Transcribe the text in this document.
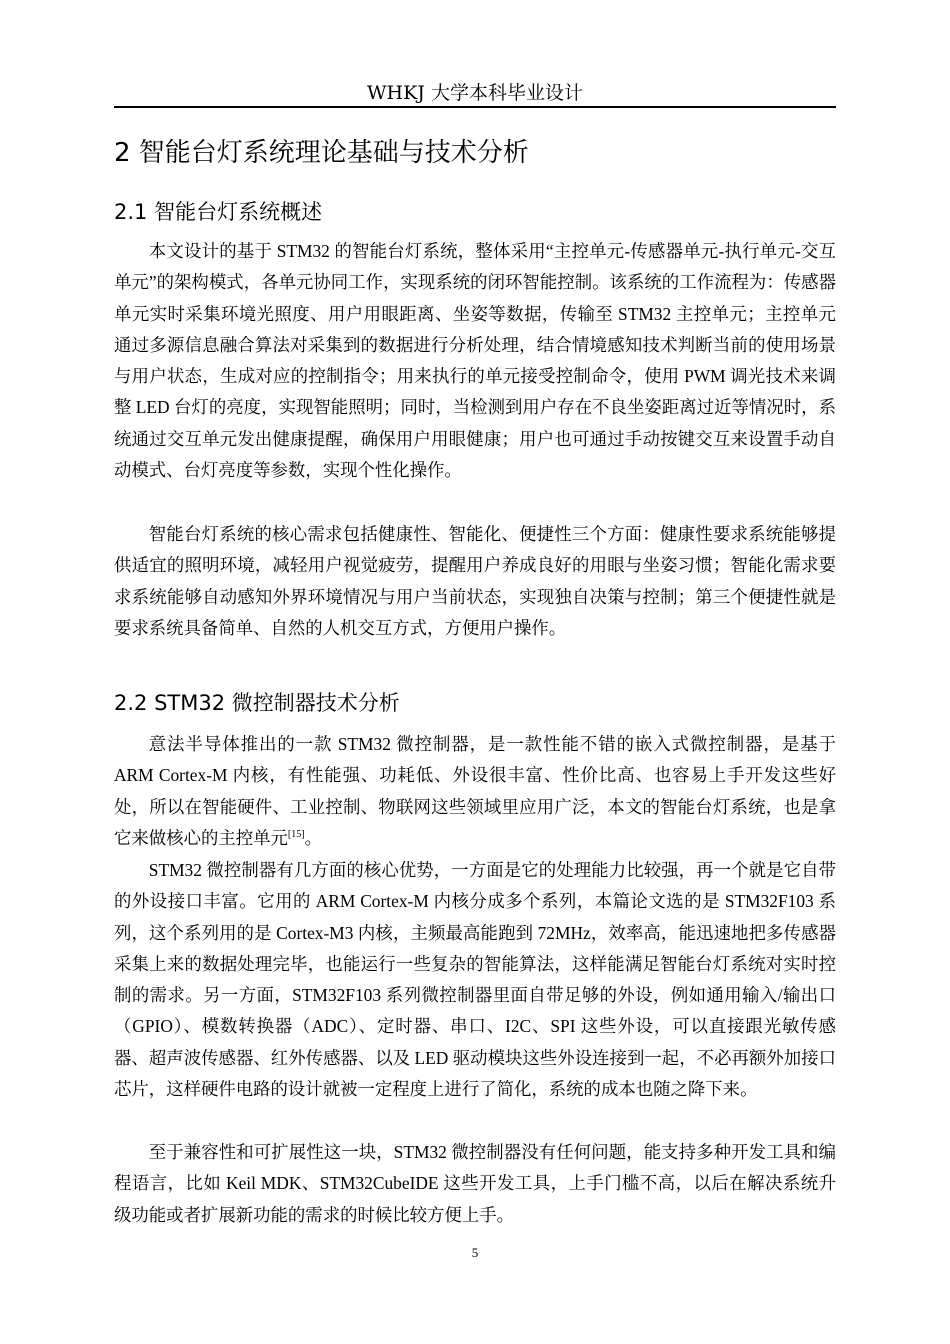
WHKJ 大学本科毕业设计
2 智能台灯系统理论基础与技术分析
2.1 智能台灯系统概述

本文设计的基于 STM32 的智能台灯系统，整体采用“主控单元-传感器单元-执行单元-交互单元”的架构模式，各单元协同工作，实现系统的闭环智能控制。该系统的工作流程为：传感器单元实时采集环境光照度、用户用眼距离、坐姿等数据，传输至 STM32 主控单元；主控单元通过多源信息融合算法对采集到的数据进行分析处理，结合情境感知技术判断当前的使用场景与用户状态，生成对应的控制指令；用来执行的单元接受控制命令，使用 PWM 调光技术来调整 LED 台灯的亮度，实现智能照明；同时，当检测到用户存在不良坐姿距离过近等情况时，系统通过交互单元发出健康提醒，确保用户用眼健康；用户也可通过手动按键交互来设置手动自动模式、台灯亮度等参数，实现个性化操作。

智能台灯系统的核心需求包括健康性、智能化、便捷性三个方面：健康性要求系统能够提供适宜的照明环境，减轻用户视觉疲劳，提醒用户养成良好的用眼与坐姿习惯；智能化需求要求系统能够自动感知外界环境情况与用户当前状态，实现独自决策与控制；第三个便捷性就是要求系统具备简单、自然的人机交互方式，方便用户操作。

2.2 STM32 微控制器技术分析

意法半导体推出的一款 STM32 微控制器，是一款性能不错的嵌入式微控制器，是基于 ARM Cortex-M 内核，有性能强、功耗低、外设很丰富、性价比高、也容易上手开发这些好处，所以在智能硬件、工业控制、物联网这些领域里应用广泛，本文的智能台灯系统，也是拿它来做核心的主控单元[15]。

STM32 微控制器有几方面的核心优势，一方面是它的处理能力比较强，再一个就是它自带的外设接口丰富。它用的 ARM Cortex-M 内核分成多个系列，本篇论文选的是 STM32F103 系列，这个系列用的是 Cortex-M3 内核，主频最高能跑到 72MHz，效率高，能迅速地把多传感器采集上来的数据处理完毕，也能运行一些复杂的智能算法，这样能满足智能台灯系统对实时控制的需求。另一方面，STM32F103 系列微控制器里面自带足够的外设，例如通用输入/输出口（GPIO）、模数转换器（ADC）、定时器、串口、I2C、SPI 这些外设，可以直接跟光敏传感器、超声波传感器、红外传感器、以及 LED 驱动模块这些外设连接到一起，不必再额外加接口芯片，这样硬件电路的设计就被一定程度上进行了简化，系统的成本也随之降下来。

至于兼容性和可扩展性这一块，STM32 微控制器没有任何问题，能支持多种开发工具和编程语言，比如 Keil MDK、STM32CubeIDE 这些开发工具，上手门槛不高，以后在解决系统升级功能或者扩展新功能的需求的时候比较方便上手。

5
